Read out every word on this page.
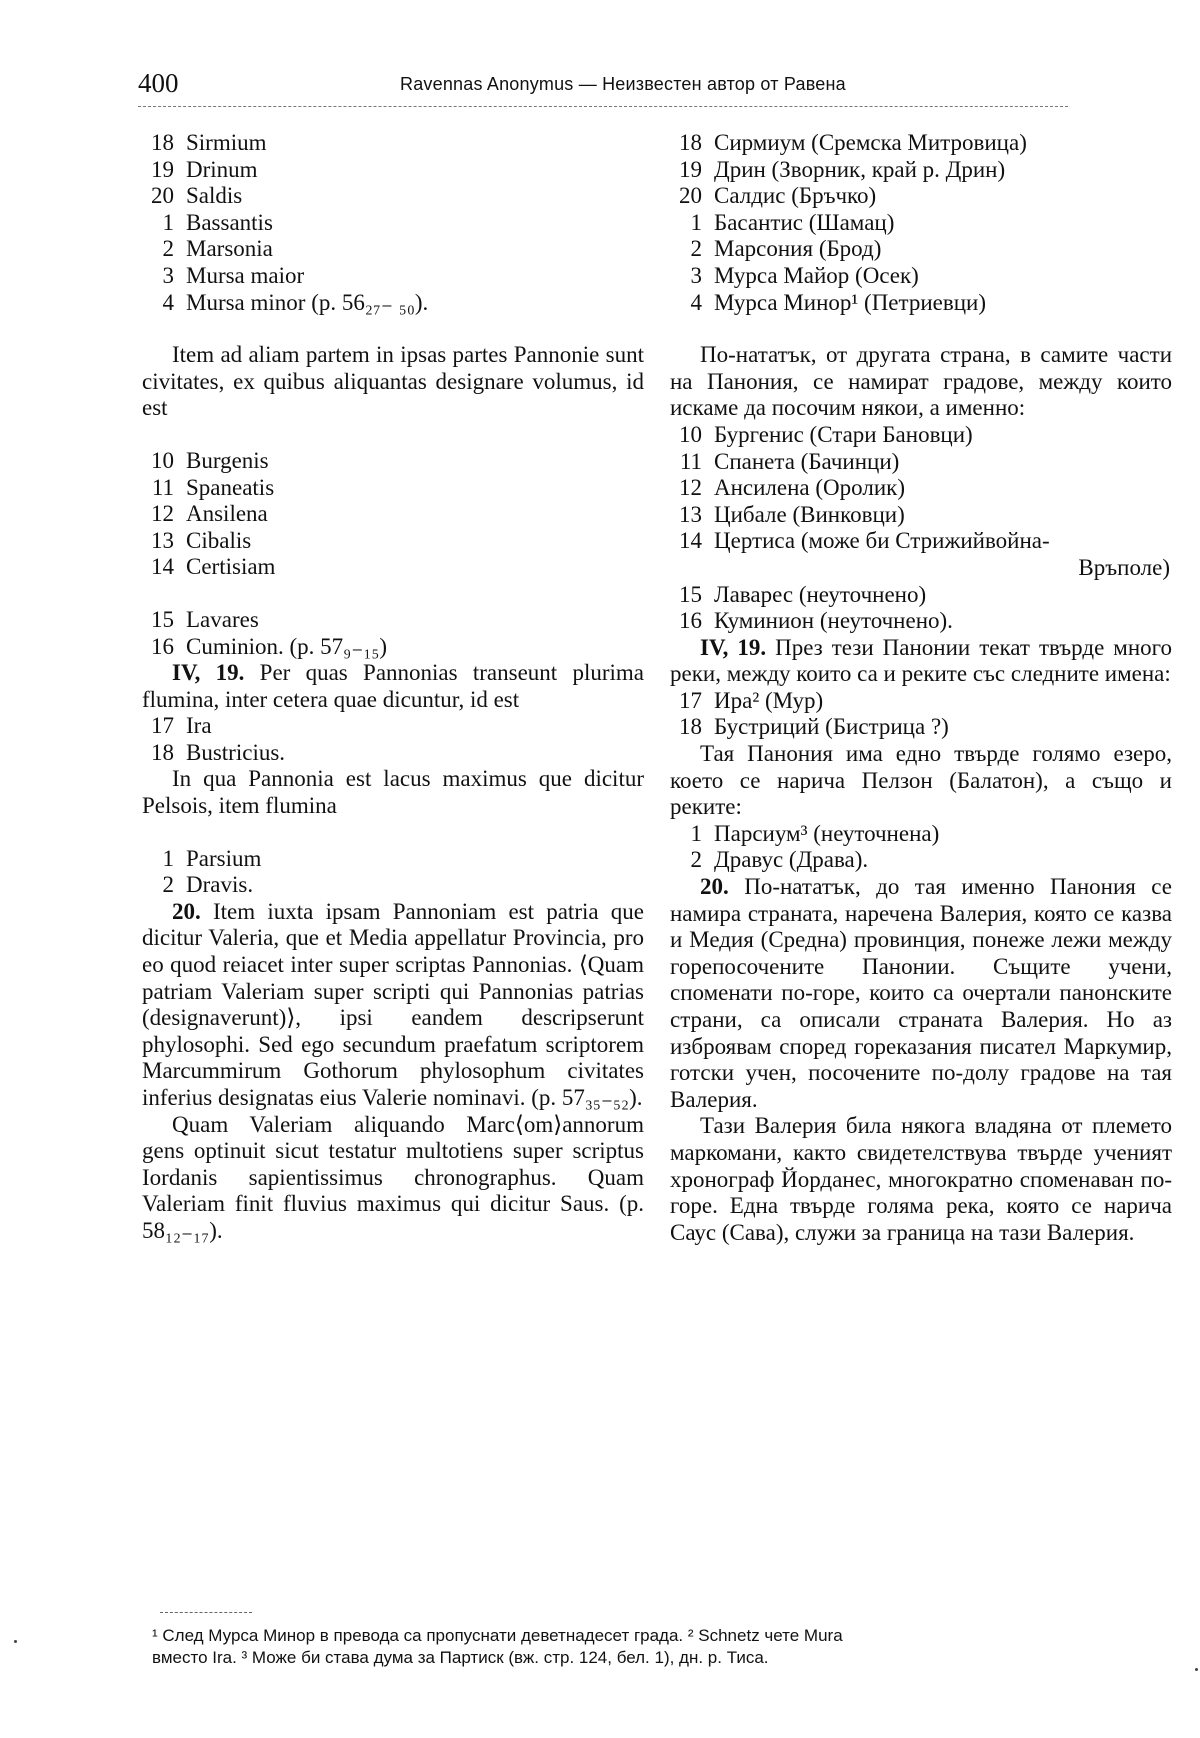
400	Ravennas Anonymus — Неизвестен автор от Равена
18 Sirmium
19 Drinum
20 Saldis
1 Bassantis
2 Marsonia
3 Mursa maior
4 Mursa minor (p. 56₂₇₋ ₅₀).
Item ad aliam partem in ipsas partes Pannonie sunt civitates, ex quibus aliquantas designare volumus, id est
10 Burgenis
11 Spaneatis
12 Ansilena
13 Cibalis
14 Certisiam
15 Lavares
16 Cuminion. (p. 57₉₋₁₅)
IV, 19. Per quas Pannonias transeunt plurima flumina, inter cetera quae dicuntur, id est
17 Ira
18 Bustricius.
In qua Pannonia est lacus maximus que dicitur Pelsois, item flumina
1 Parsium
2 Dravis.
20. Item iuxta ipsam Pannoniam est patria que dicitur Valeria, que et Media appellatur Provincia, pro eo quod reiacet inter super scriptas Pannonias. ⟨Quam patriam Valeriam super scripti qui Pannonias patrias (designaverunt)⟩, ipsi eandem descripserunt phylosophi. Sed ego secundum praefatum scriptorem Marcummirum Gothorum phylosophum civitates inferius designatas eius Valerie nominavi. (p. 57₃₅₋₅₂).
Quam Valeriam aliquando Marc⟨om⟩annorum gens optinuit sicut testatur multotiens super scriptus Iordanis sapientissimus chronographus. Quam Valeriam finit fluvius maximus qui dicitur Saus. (p. 58₁₂₋₁₇).
18 Сирмиум (Сремска Митровица)
19 Дрин (Зворник, край р. Дрин)
20 Салдис (Бръчко)
1 Басантис (Шамац)
2 Марсония (Брод)
3 Мурса Майор (Осек)
4 Мурса Минор¹ (Петриевци)
По-нататък, от другата страна, в самите части на Панония, се намират градове, между които искаме да посочим някои, а именно:
10 Бургенис (Стари Бановци)
11 Спанета (Бачинци)
12 Ансилена (Оролик)
13 Цибале (Винковци)
14 Цертиса (може би Стрижийвойна-
Връполе)
15 Лаварес (неуточнено)
16 Куминион (неуточнено).
IV, 19. През тези Панонии текат твърде много реки, между които са и реките със следните имена:
17 Ира² (Мур)
18 Бустриций (Бистрица ?)
Тая Панония има едно твърде голямо езеро, което се нарича Пелзон (Балатон), а също и реките:
1 Парсиум³ (неуточнена)
2 Дравус (Драва).
20. По-нататък, до тая именно Панония се намира страната, наречена Валерия, която се казва и Медия (Средна) провинция, понеже лежи между горепосочените Панонии. Същите учени, споменати по-горе, които са очертали панонските страни, са описали страната Валерия. Но аз изброявам според гореказания писател Маркумир, готски учен, посочените по-долу градове на тая Валерия.
Тази Валерия била някога владяна от племето маркомани, както свидетелствува твърде ученият хронограф Йорданес, многократно споменаван по-горе. Една твърде голяма река, която се нарича Саус (Сава), служи за граница на тази Валерия.
¹ След Мурса Минор в превода са пропуснати деветнадесет града. ² Schnetz чете Mura
вместо Ira. ³ Може би става дума за Партиск (вж. стр. 124, бел. 1), дн. р. Тиса.
